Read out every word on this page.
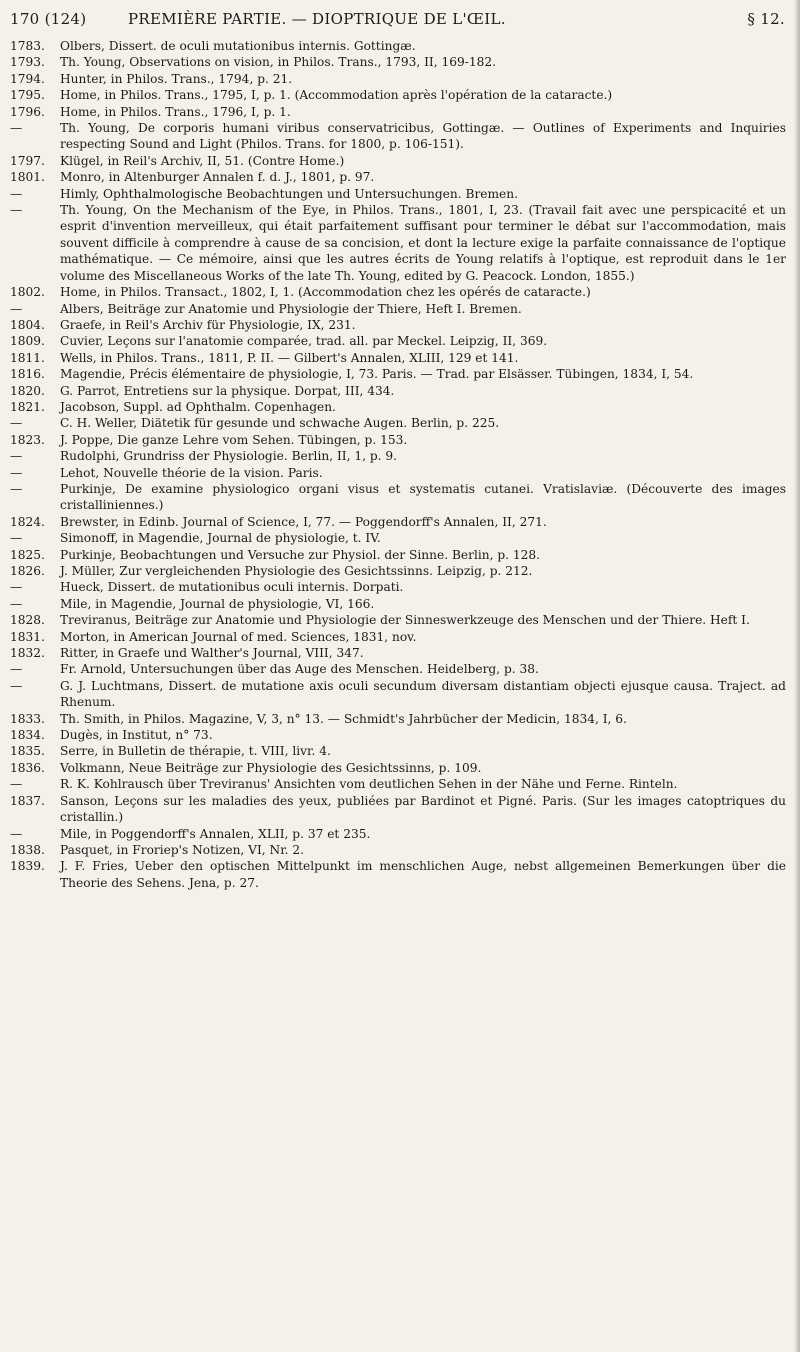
170 (124)	PREMIÈRE PARTIE. — DIOPTRIQUE DE L'ŒIL.	§ 12.
1783.	Olbers, Dissert. de oculi mutationibus internis. Gottingæ.
1793.	Th. Young, Observations on vision, in Philos. Trans., 1793, II, 169-182.
1794.	Hunter, in Philos. Trans., 1794, p. 21.
1795.	Home, in Philos. Trans., 1795, I, p. 1. (Accommodation après l'opération de la cataracte.)
1796.	Home, in Philos. Trans., 1796, I, p. 1.
—	Th. Young, De corporis humani viribus conservatricibus, Gottingæ. — Outlines of Experiments and Inquiries respecting Sound and Light (Philos. Trans. for 1800, p. 106-151).
1797.	Klügel, in Reil's Archiv, II, 51. (Contre Home.)
1801.	Monro, in Altenburger Annalen f. d. J., 1801, p. 97.
—	Himly, Ophthalmologische Beobachtungen und Untersuchungen. Bremen.
—	Th. Young, On the Mechanism of the Eye, in Philos. Trans., 1801, I, 23. (Travail fait avec une perspicacité et un esprit d'invention merveilleux, qui était parfaitement suffisant pour terminer le débat sur l'accommodation, mais souvent difficile à comprendre à cause de sa concision, et dont la lecture exige la parfaite connaissance de l'optique mathématique. — Ce mémoire, ainsi que les autres écrits de Young relatifs à l'optique, est reproduit dans le 1er volume des Miscellaneous Works of the late Th. Young, edited by G. Peacock. London, 1855.)
1802.	Home, in Philos. Transact., 1802, I, 1. (Accommodation chez les opérés de cataracte.)
—	Albers, Beiträge zur Anatomie und Physiologie der Thiere, Heft I. Bremen.
1804.	Graefe, in Reil's Archiv für Physiologie, IX, 231.
1809.	Cuvier, Leçons sur l'anatomie comparée, trad. all. par Meckel. Leipzig, II, 369.
1811.	Wells, in Philos. Trans., 1811, P. II. — Gilbert's Annalen, XLIII, 129 et 141.
1816.	Magendie, Précis élémentaire de physiologie, I, 73. Paris. — Trad. par Elsässer. Tübingen, 1834, I, 54.
1820.	G. Parrot, Entretiens sur la physique. Dorpat, III, 434.
1821.	Jacobson, Suppl. ad Ophthalm. Copenhagen.
—	C. H. Weller, Diätetik für gesunde und schwache Augen. Berlin, p. 225.
1823.	J. Poppe, Die ganze Lehre vom Sehen. Tübingen, p. 153.
—	Rudolphi, Grundriss der Physiologie. Berlin, II, 1, p. 9.
—	Lehot, Nouvelle théorie de la vision. Paris.
—	Purkinje, De examine physiologico organi visus et systematis cutanei. Vratislaviæ. (Découverte des images cristalliniennes.)
1824.	Brewster, in Edinb. Journal of Science, I, 77. — Poggendorff's Annalen, II, 271.
—	Simonoff, in Magendie, Journal de physiologie, t. IV.
1825.	Purkinje, Beobachtungen und Versuche zur Physiol. der Sinne. Berlin, p. 128.
1826.	J. Müller, Zur vergleichenden Physiologie des Gesichtssinns. Leipzig, p. 212.
—	Hueck, Dissert. de mutationibus oculi internis. Dorpati.
—	Mile, in Magendie, Journal de physiologie, VI, 166.
1828.	Treviranus, Beiträge zur Anatomie und Physiologie der Sinneswerkzeuge des Menschen und der Thiere. Heft I.
1831.	Morton, in American Journal of med. Sciences, 1831, nov.
1832.	Ritter, in Graefe und Walther's Journal, VIII, 347.
—	Fr. Arnold, Untersuchungen über das Auge des Menschen. Heidelberg, p. 38.
—	G. J. Luchtmans, Dissert. de mutatione axis oculi secundum diversam distantiam objecti ejusque causa. Traject. ad Rhenum.
1833.	Th. Smith, in Philos. Magazine, V, 3, n° 13. — Schmidt's Jahrbücher der Medicin, 1834, I, 6.
1834.	Dugès, in Institut, n° 73.
1835.	Serre, in Bulletin de thérapie, t. VIII, livr. 4.
1836.	Volkmann, Neue Beiträge zur Physiologie des Gesichtssinns, p. 109.
—	R. K. Kohlrausch über Treviranus' Ansichten vom deutlichen Sehen in der Nähe und Ferne. Rinteln.
1837.	Sanson, Leçons sur les maladies des yeux, publiées par Bardinot et Pigné. Paris. (Sur les images catoptriques du cristallin.)
—	Mile, in Poggendorff's Annalen, XLII, p. 37 et 235.
1838.	Pasquet, in Froriep's Notizen, VI, Nr. 2.
1839.	J. F. Fries, Ueber den optischen Mittelpunkt im menschlichen Auge, nebst allgemeinen Bemerkungen über die Theorie des Sehens. Jena, p. 27.
